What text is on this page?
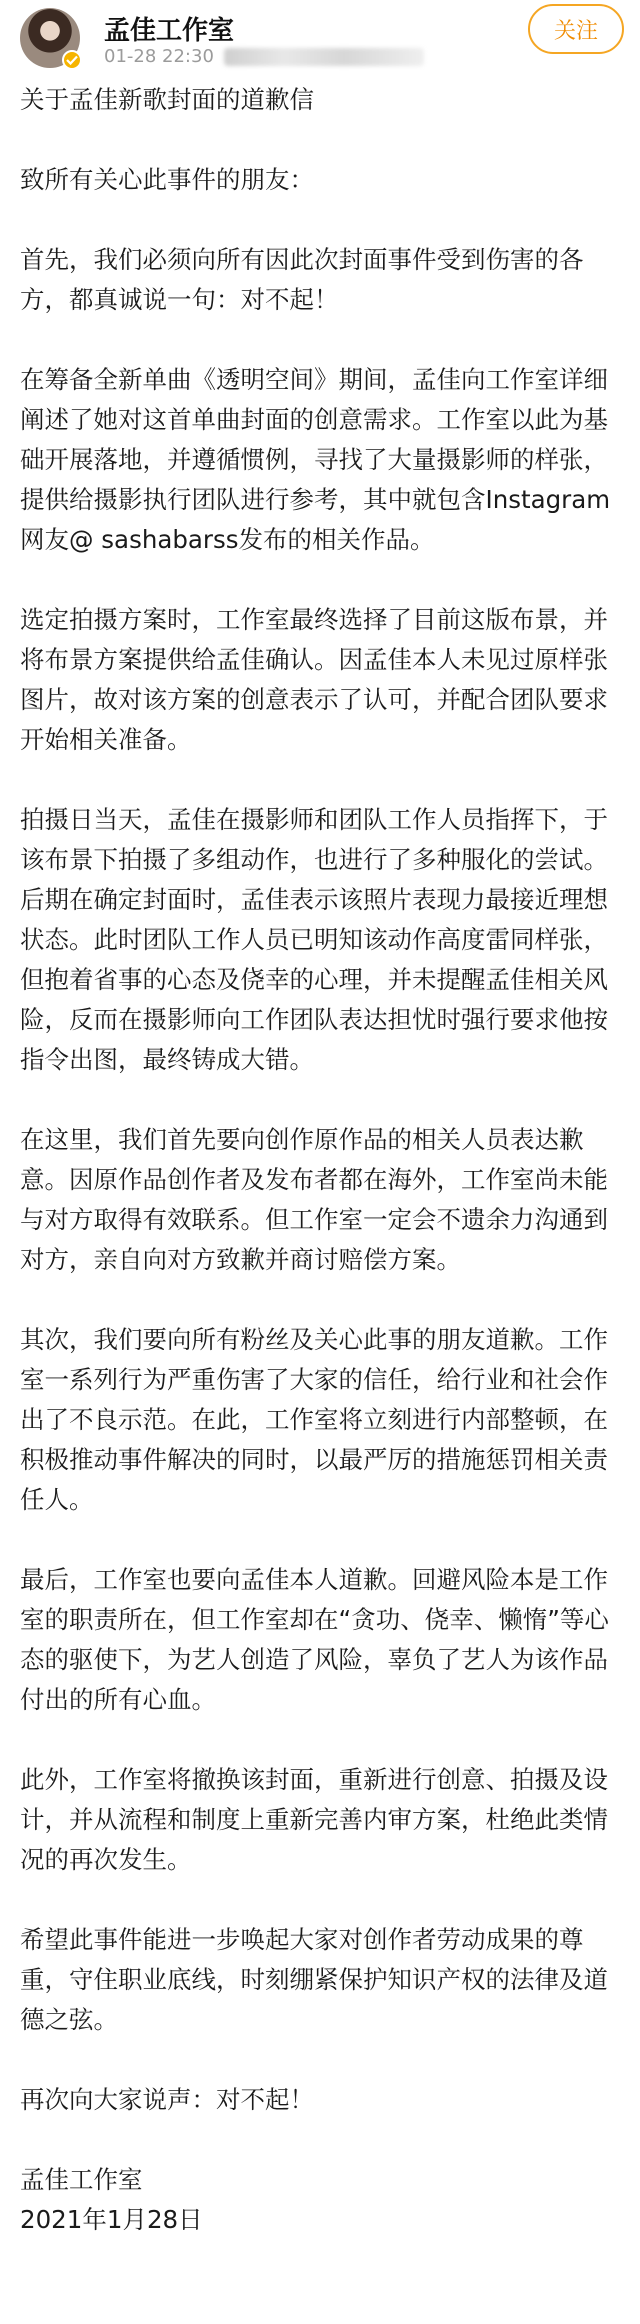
孟佳工作室
01-28 22:30
关注

关于孟佳新歌封面的道歉信

致所有关心此事件的朋友：

首先，我们必须向所有因此次封面事件受到伤害的各方，都真诚说一句：对不起！

在筹备全新单曲《透明空间》期间，孟佳向工作室详细阐述了她对这首单曲封面的创意需求。工作室以此为基础开展落地，并遵循惯例，寻找了大量摄影师的样张，提供给摄影执行团队进行参考，其中就包含Instagram网友@ sashabarss发布的相关作品。

选定拍摄方案时，工作室最终选择了目前这版布景，并将布景方案提供给孟佳确认。因孟佳本人未见过原样张图片，故对该方案的创意表示了认可，并配合团队要求开始相关准备。

拍摄日当天，孟佳在摄影师和团队工作人员指挥下，于该布景下拍摄了多组动作，也进行了多种服化的尝试。后期在确定封面时，孟佳表示该照片表现力最接近理想状态。此时团队工作人员已明知该动作高度雷同样张，但抱着省事的心态及侥幸的心理，并未提醒孟佳相关风险，反而在摄影师向工作团队表达担忧时强行要求他按指令出图，最终铸成大错。

在这里，我们首先要向创作原作品的相关人员表达歉意。因原作品创作者及发布者都在海外，工作室尚未能与对方取得有效联系。但工作室一定会不遗余力沟通到对方，亲自向对方致歉并商讨赔偿方案。

其次，我们要向所有粉丝及关心此事的朋友道歉。工作室一系列行为严重伤害了大家的信任，给行业和社会作出了不良示范。在此，工作室将立刻进行内部整顿，在积极推动事件解决的同时，以最严厉的措施惩罚相关责任人。

最后，工作室也要向孟佳本人道歉。回避风险本是工作室的职责所在，但工作室却在“贪功、侥幸、懒惰”等心态的驱使下，为艺人创造了风险，辜负了艺人为该作品付出的所有心血。

此外，工作室将撤换该封面，重新进行创意、拍摄及设计，并从流程和制度上重新完善内审方案，杜绝此类情况的再次发生。

希望此事件能进一步唤起大家对创作者劳动成果的尊重，守住职业底线，时刻绷紧保护知识产权的法律及道德之弦。

再次向大家说声：对不起！

孟佳工作室

2021年1月28日
